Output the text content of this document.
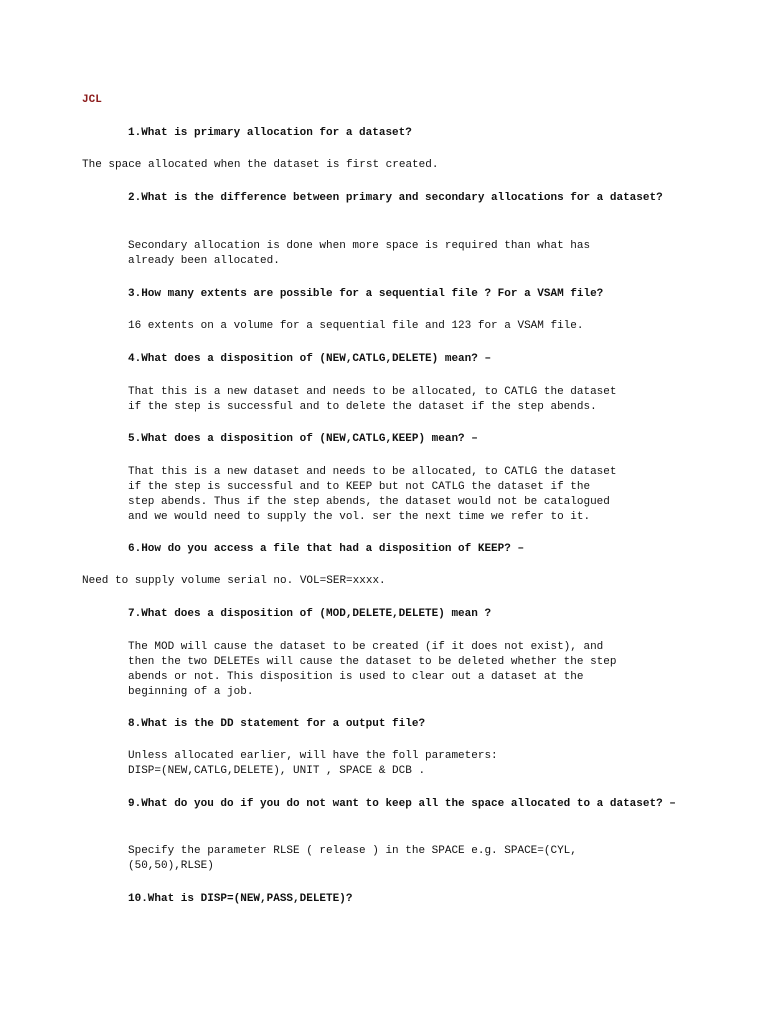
JCL
1.What is primary allocation for a dataset?
The space allocated when the dataset is first created.
2.What is the difference between primary and secondary allocations for a dataset?
Secondary allocation is done when more space is required than what has
already been allocated.
3.How many extents are possible for a sequential file ? For a VSAM file?
16 extents on a volume for a sequential file and 123 for a VSAM file.
4.What does a disposition of (NEW,CATLG,DELETE) mean? –
That this is a new dataset and needs to be allocated, to CATLG the dataset
if the step is successful and to delete the dataset if the step abends.
5.What does a disposition of (NEW,CATLG,KEEP) mean? –
That this is a new dataset and needs to be allocated, to CATLG the dataset
if the step is successful and to KEEP but not CATLG the dataset if the
step abends. Thus if the step abends, the dataset would not be catalogued
and we would need to supply the vol. ser the next time we refer to it.
6.How do you access a file that had a disposition of KEEP? –
Need to supply volume serial no. VOL=SER=xxxx.
7.What does a disposition of (MOD,DELETE,DELETE) mean ?
The MOD will cause the dataset to be created (if it does not exist), and
then the two DELETEs will cause the dataset to be deleted whether the step
abends or not. This disposition is used to clear out a dataset at the
beginning of a job.
8.What is the DD statement for a output file?
Unless allocated earlier, will have the foll parameters:
DISP=(NEW,CATLG,DELETE), UNIT , SPACE & DCB .
9.What do you do if you do not want to keep all the space allocated to a dataset? –
Specify the parameter RLSE ( release ) in the SPACE e.g. SPACE=(CYL,
(50,50),RLSE)
10.What is DISP=(NEW,PASS,DELETE)?
